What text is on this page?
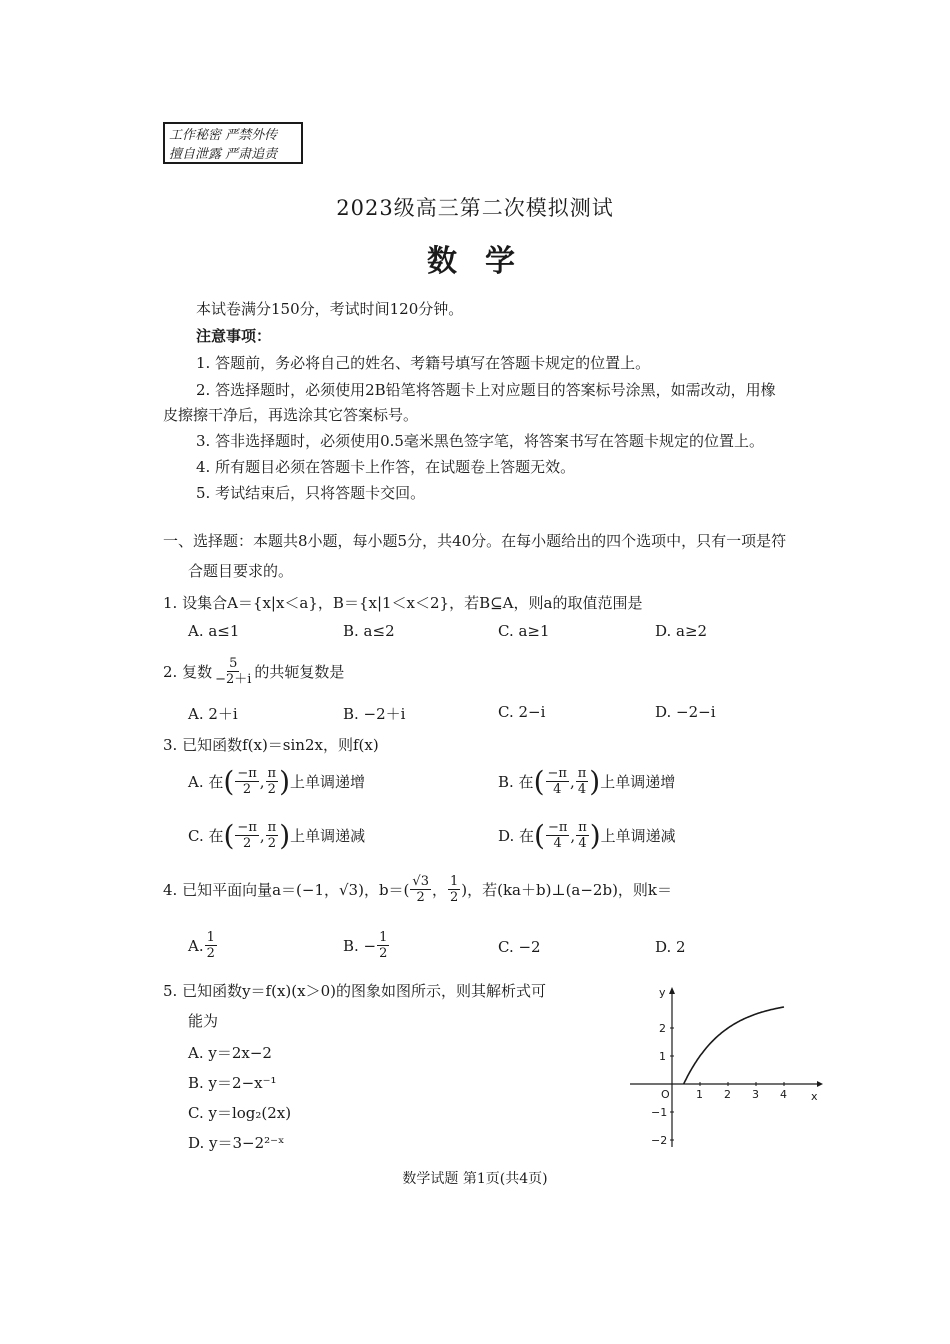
工作秘密 严禁外传
擅自泄露 严肃追责
2023级高三第二次模拟测试
数学
本试卷满分150分，考试时间120分钟。
注意事项：
1. 答题前，务必将自己的姓名、考籍号填写在答题卡规定的位置上。
2. 答选择题时，必须使用2B铅笔将答题卡上对应题目的答案标号涂黑，如需改动，用橡
皮擦擦干净后，再选涂其它答案标号。
3. 答非选择题时，必须使用0.5毫米黑色签字笔，将答案书写在答题卡规定的位置上。
4. 所有题目必须在答题卡上作答，在试题卷上答题无效。
5. 考试结束后，只将答题卡交回。
一、选择题：本题共8小题，每小题5分，共40分。在每小题给出的四个选项中，只有一项是符
合题目要求的。
1. 设集合A＝{x|x＜a}，B＝{x|1＜x＜2}，若B⊆A，则a的取值范围是
A. a≤1	B. a≤2	C. a≥1	D. a≥2
2. 复数 $\frac{5}{-2+i}$ 的共轭复数是
A. 2＋i	B. −2＋i	C. 2−i	D. −2−i
3. 已知函数f(x)＝sin2x，则f(x)
A. 在 ( $\frac{-\pi}{2}$ , $\frac{\pi}{2}$ ) 上单调递增	B. 在 ( $\frac{-\pi}{4}$ , $\frac{\pi}{4}$ ) 上单调递增
C. 在 ( $\frac{-\pi}{2}$ , $\frac{\pi}{2}$ ) 上单调递减	D. 在 ( $\frac{-\pi}{4}$ , $\frac{\pi}{4}$ ) 上单调递减
4. 已知平面向量a＝(−1，√3)，$b=( \frac{√3}{2}$ ， $\frac{1}{2}$ )，若(ka＋b)⊥(a−2b)，则k＝
A. $\frac{1}{2}$	B. − $\frac{1}{2}$	C. −2	D. 2
5. 已知函数y＝f(x)(x＞0)的图象如图所示，则其解析式可
能为
A. y＝2x−2
B. y＝2−x⁻¹
C. y＝log₂(2x)
D. y＝3−2²⁻ˣ
y
x
O 1 2 3 4
2
1
−1
−2
数学试题 第1页(共4页)
